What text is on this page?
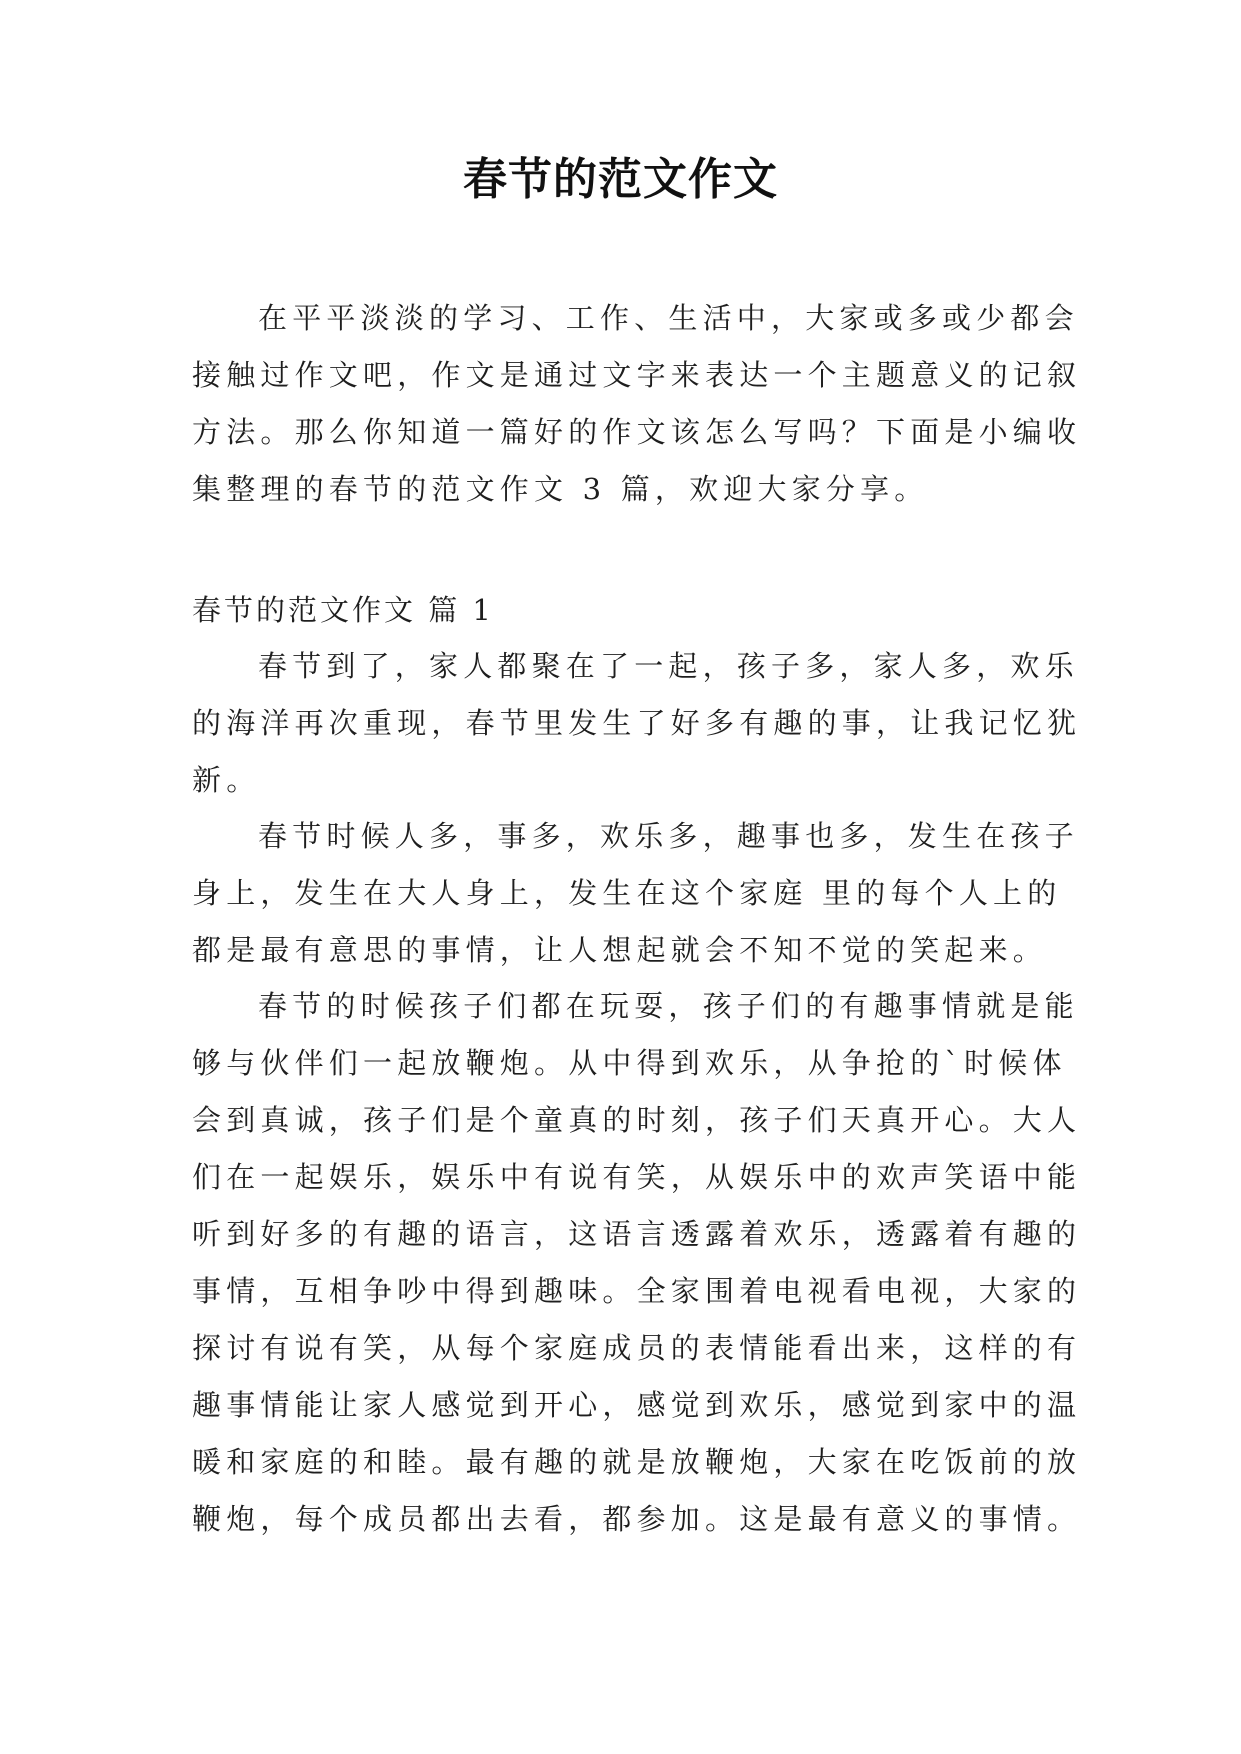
春节的范文作文
在平平淡淡的学习、工作、生活中，大家或多或少都会
接触过作文吧，作文是通过文字来表达一个主题意义的记叙
方法。那么你知道一篇好的作文该怎么写吗？下面是小编收
集整理的春节的范文作文 3 篇，欢迎大家分享。
春节的范文作文 篇 1
春节到了，家人都聚在了一起，孩子多，家人多，欢乐
的海洋再次重现，春节里发生了好多有趣的事，让我记忆犹
新。
春节时候人多，事多，欢乐多，趣事也多，发生在孩子
身上，发生在大人身上，发生在这个家庭 里的每个人上的
都是最有意思的事情，让人想起就会不知不觉的笑起来。
春节的时候孩子们都在玩耍，孩子们的有趣事情就是能
够与伙伴们一起放鞭炮。从中得到欢乐，从争抢的`时候体
会到真诚，孩子们是个童真的时刻，孩子们天真开心。大人
们在一起娱乐，娱乐中有说有笑，从娱乐中的欢声笑语中能
听到好多的有趣的语言，这语言透露着欢乐，透露着有趣的
事情，互相争吵中得到趣味。全家围着电视看电视，大家的
探讨有说有笑，从每个家庭成员的表情能看出来，这样的有
趣事情能让家人感觉到开心，感觉到欢乐，感觉到家中的温
暖和家庭的和睦。最有趣的就是放鞭炮，大家在吃饭前的放
鞭炮，每个成员都出去看，都参加。这是最有意义的事情。
